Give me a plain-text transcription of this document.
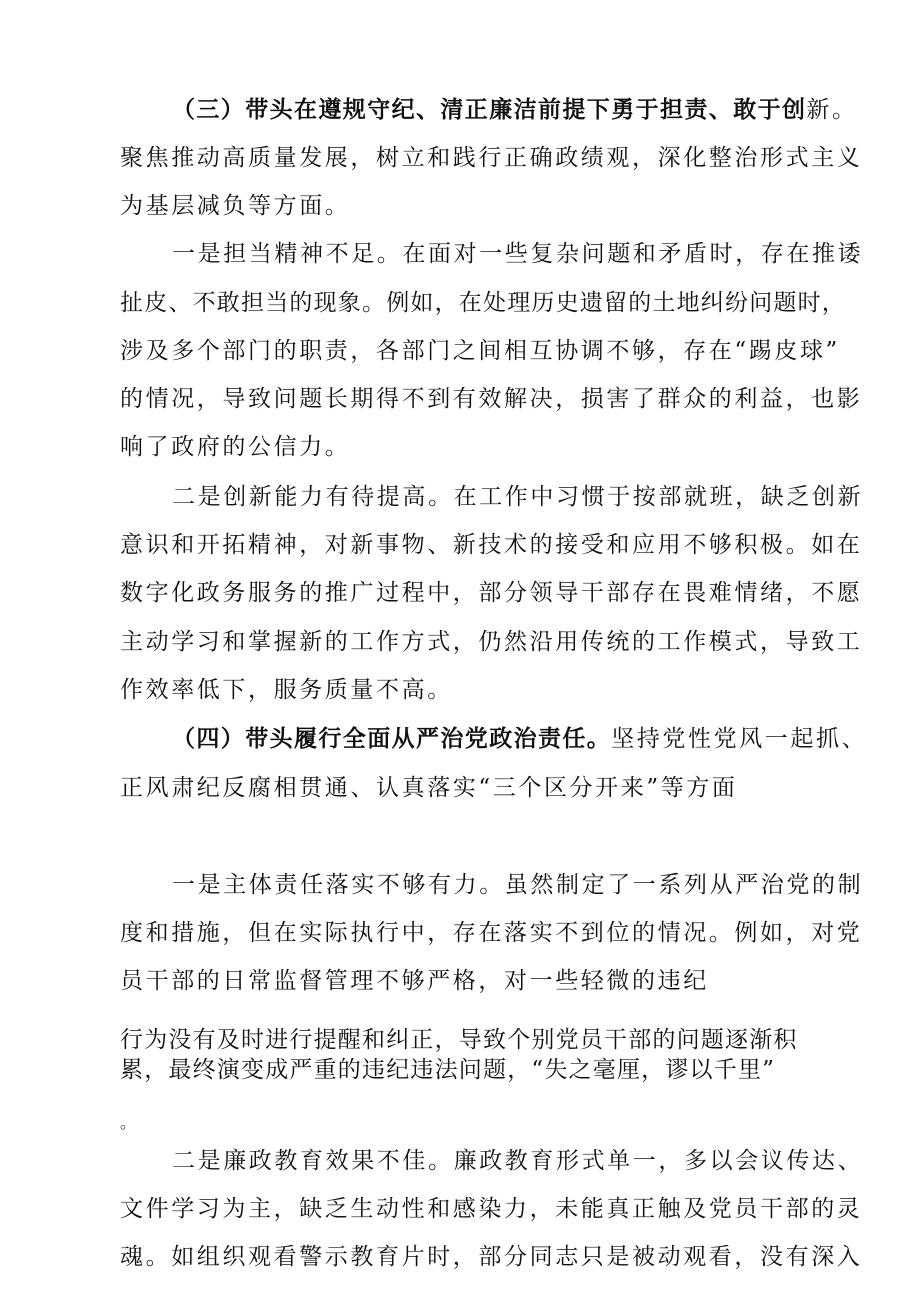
（三）带头在遵规守纪、清正廉洁前提下勇于担责、敢于创新。
聚焦推动高质量发展，树立和践行正确政绩观，深化整治形式主义
为基层减负等方面。
一是担当精神不足。在面对一些复杂问题和矛盾时，存在推诿
扯皮、不敢担当的现象。例如，在处理历史遗留的土地纠纷问题时，
涉及多个部门的职责，各部门之间相互协调不够，存在“踢皮球”
的情况，导致问题长期得不到有效解决，损害了群众的利益，也影
响了政府的公信力。
二是创新能力有待提高。在工作中习惯于按部就班，缺乏创新
意识和开拓精神，对新事物、新技术的接受和应用不够积极。如在
数字化政务服务的推广过程中，部分领导干部存在畏难情绪，不愿
主动学习和掌握新的工作方式，仍然沿用传统的工作模式，导致工
作效率低下，服务质量不高。
（四）带头履行全面从严治党政治责任。坚持党性党风一起抓、
正风肃纪反腐相贯通、认真落实“三个区分开来”等方面
一是主体责任落实不够有力。虽然制定了一系列从严治党的制
度和措施，但在实际执行中，存在落实不到位的情况。例如，对党
员干部的日常监督管理不够严格，对一些轻微的违纪
行为没有及时进行提醒和纠正，导致个别党员干部的问题逐渐积
累，最终演变成严重的违纪违法问题，“失之毫厘，谬以千里”
。
二是廉政教育效果不佳。廉政教育形式单一，多以会议传达、
文件学习为主，缺乏生动性和感染力，未能真正触及党员干部的灵
魂。如组织观看警示教育片时，部分同志只是被动观看，没有深入
